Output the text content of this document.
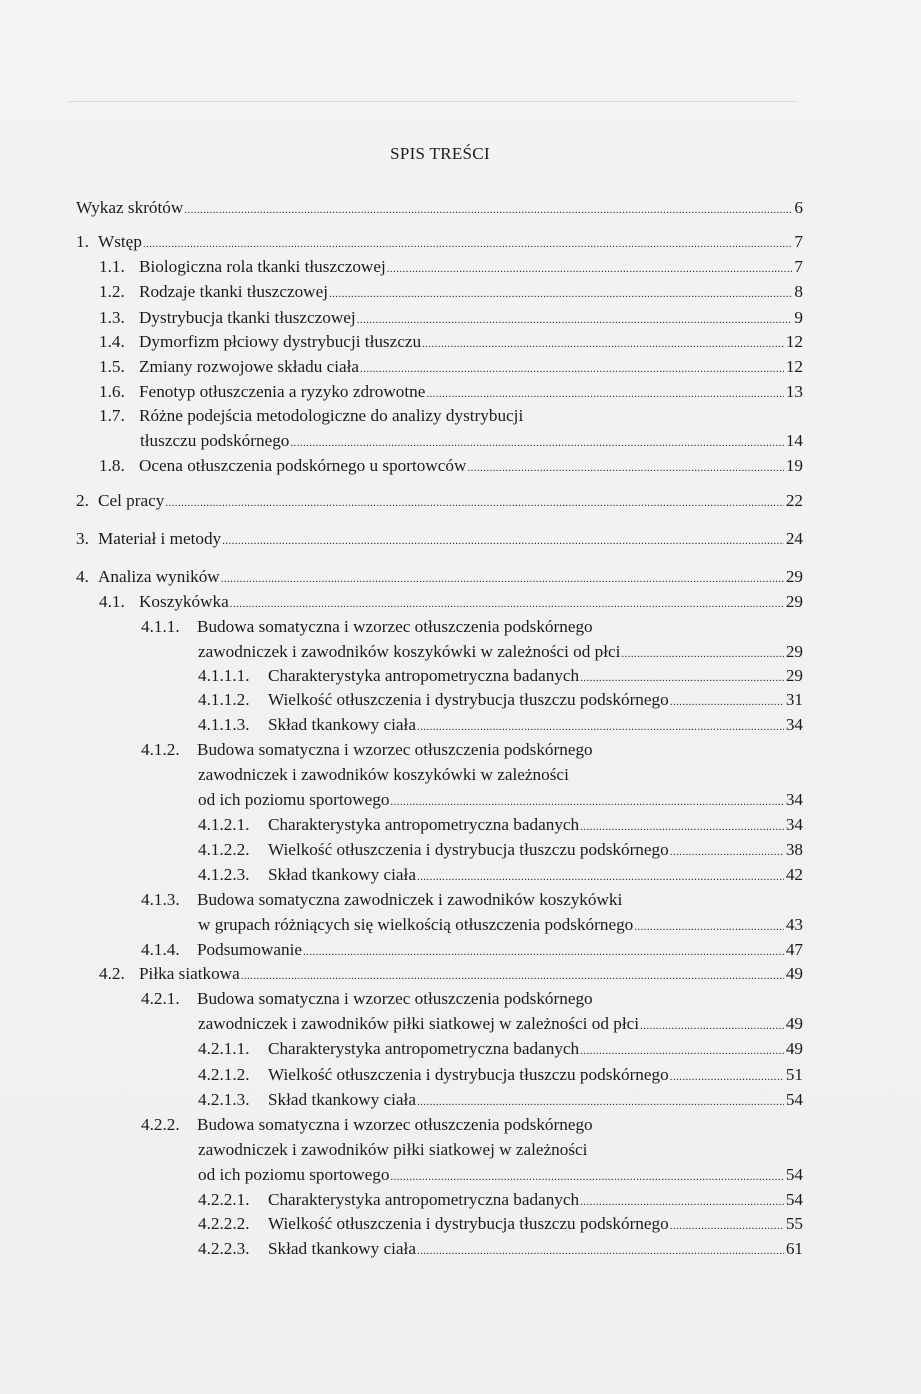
SPIS TREŚCI
Wykaz skrótów .....	6
1. Wstęp .....	7
1.1. Biologiczna rola tkanki tłuszczowej .....	7
1.2. Rodzaje tkanki tłuszczowej .....	8
1.3. Dystrybucja tkanki tłuszczowej .....	9
1.4. Dymorfizm płciowy dystrybucji tłuszczu .....	12
1.5. Zmiany rozwojowe składu ciała .....	12
1.6. Fenotyp otłuszczenia a ryzyko zdrowotne .....	13
1.7. Różne podejścia metodologiczne do analizy dystrybucji
tłuszczu podskórnego .....	14
1.8. Ocena otłuszczenia podskórnego u sportowców .....	19
2. Cel pracy .....	22
3. Materiał i metody .....	24
4. Analiza wyników .....	29
4.1. Koszykówka .....	29
4.1.1.	Budowa somatyczna i wzorzec otłuszczenia podskórnego
zawodniczek i zawodników koszykówki w zależności od płci .....	29
4.1.1.1.	Charakterystyka antropometryczna badanych .....	29
4.1.1.2.	Wielkość otłuszczenia i dystrybucja tłuszczu podskórnego .....	31
4.1.1.3.	Skład tkankowy ciała .....	34
4.1.2.	Budowa somatyczna i wzorzec otłuszczenia podskórnego
zawodniczek i zawodników koszykówki w zależności
od ich poziomu sportowego .....	34
4.1.2.1.	Charakterystyka antropometryczna badanych .....	34
4.1.2.2.	Wielkość otłuszczenia i dystrybucja tłuszczu podskórnego .....	38
4.1.2.3.	Skład tkankowy ciała .....	42
4.1.3.	Budowa somatyczna zawodniczek i zawodników koszykówki
w grupach różniących się wielkością otłuszczenia podskórnego .....	43
4.1.4.	Podsumowanie .....	47
4.2. Piłka siatkowa .....	49
4.2.1.	Budowa somatyczna i wzorzec otłuszczenia podskórnego
zawodniczek i zawodników piłki siatkowej w zależności od płci .....	49
4.2.1.1.	Charakterystyka antropometryczna badanych .....	49
4.2.1.2.	Wielkość otłuszczenia i dystrybucja tłuszczu podskórnego .....	51
4.2.1.3.	Skład tkankowy ciała .....	54
4.2.2.	Budowa somatyczna i wzorzec otłuszczenia podskórnego
zawodniczek i zawodników piłki siatkowej w zależności
od ich poziomu sportowego .....	54
4.2.2.1.	Charakterystyka antropometryczna badanych .....	54
4.2.2.2.	Wielkość otłuszczenia i dystrybucja tłuszczu podskórnego .....	55
4.2.2.3.	Skład tkankowy ciała .....	61
